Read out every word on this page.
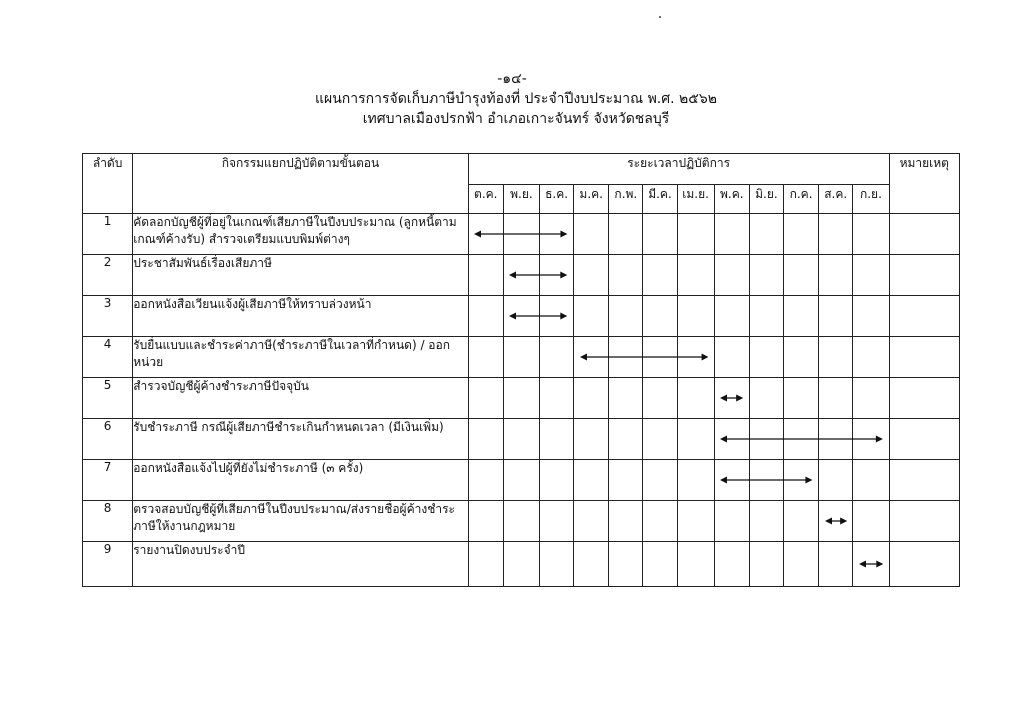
-๑๔-
แผนการการจัดเก็บภาษีบำรุงท้องที่ ประจำปีงบประมาณ พ.ศ. ๒๕๖๒
เทศบาลเมืองปรกฟ้า อำเภอเกาะจันทร์ จังหวัดชลบุรี
ลำดับ	กิจกรรมแยกปฏิบัติตามขั้นตอน	ระยะเวลาปฏิบัติการ												หมายเหตุ
		ต.ค.	พ.ย.	ธ.ค.	ม.ค.	ก.พ.	มี.ค.	เม.ย.	พ.ค.	มิ.ย.	ก.ค.	ส.ค.	ก.ย.	
1	คัดลอกบัญชีผู้ที่อยู่ในเกณฑ์เสียภาษีในปีงบประมาณ (ลูกหนี้ตามเกณฑ์ค้างรับ) สำรวจเตรียมแบบพิมพ์ต่างๆ													
2	ประชาสัมพันธ์เรื่องเสียภาษี													
3	ออกหนังสือเวียนแจ้งผู้เสียภาษีให้ทราบล่วงหน้า													
4	รับยื่นแบบและชำระค่าภาษี(ชำระภาษีในเวลาที่กำหนด) / ออกหน่วย													
5	สำรวจบัญชีผู้ค้างชำระภาษีปัจจุบัน													
6	รับชำระภาษี กรณีผู้เสียภาษีชำระเกินกำหนดเวลา (มีเงินเพิ่ม)													
7	ออกหนังสือแจ้งไปผู้ที่ยังไม่ชำระภาษี (๓ ครั้ง)													
8	ตรวจสอบบัญชีผู้ที่เสียภาษีในปีงบประมาณ/ส่งรายชื่อผู้ค้างชำระภาษีให้งานกฎหมาย													
9	รายงานปิดงบประจำปี													
